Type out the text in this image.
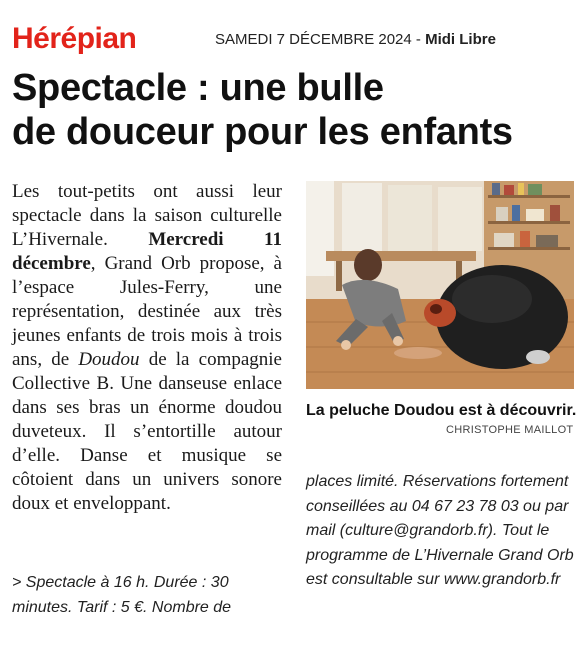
Hérépian	SAMEDI 7 DÉCEMBRE 2024 - Midi Libre
Spectacle : une bulle
de douceur pour les enfants
Les tout-petits ont aussi leur spectacle dans la saison culturelle L’Hivernale. Mercredi 11 décembre, Grand Orb propose, à l’espace Jules-Ferry, une représentation, destinée aux très jeunes enfants de trois mois à trois ans, de Doudou de la compagnie Collective B. Une danseuse enlace dans ses bras un énorme doudou duveteux. Il s’entortille autour d’elle. Danse et musique se côtoient dans un univers sonore doux et enveloppant.
> Spectacle à 16 h. Durée : 30 minutes. Tarif : 5 €. Nombre de
La peluche Doudou est à découvrir.
CHRISTOPHE MAILLOT
places limité. Réservations fortement conseillées au 04 67 23 78 03 ou par mail (culture@grandorb.fr). Tout le programme de L’Hivernale Grand Orb est consultable sur www.grandorb.fr
